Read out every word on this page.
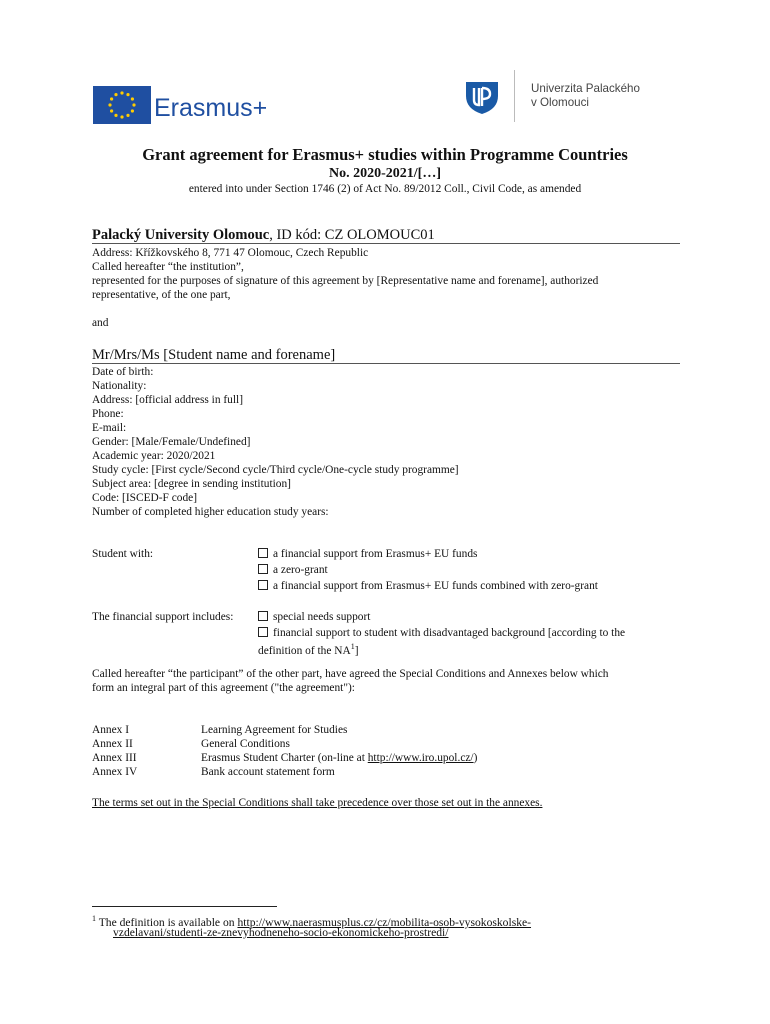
Erasmus+
Univerzita Palackého
v Olomouci
Grant agreement for Erasmus+ studies within Programme Countries
No. 2020-2021/[…]
entered into under Section 1746 (2) of Act No. 89/2012 Coll., Civil Code, as amended
Palacký University Olomouc, ID kód: CZ OLOMOUC01
Address: Křížkovského 8, 771 47 Olomouc, Czech Republic
Called hereafter “the institution”,
represented for the purposes of signature of this agreement by [Representative name and forename], authorized
representative, of the one part,
and
Mr/Mrs/Ms [Student name and forename]
Date of birth:
Nationality:
Address: [official address in full]
Phone:
E-mail:
Gender: [Male/Female/Undefined]
Academic year: 2020/2021
Study cycle: [First cycle/Second cycle/Third cycle/One-cycle study programme]
Subject area: [degree in sending institution]
Code: [ISCED-F code]
Number of completed higher education study years:
Student with:	a financial support from Erasmus+ EU funds
a zero-grant
a financial support from Erasmus+ EU funds combined with zero-grant
The financial support includes:	special needs support
financial support to student with disadvantaged background [according to the
definition of the $NA^1$]
Called hereafter “the participant” of the other part, have agreed the Special Conditions and Annexes below which
form an integral part of this agreement ("the agreement"):
Annex I	Learning Agreement for Studies
Annex II	General Conditions
Annex III	Erasmus Student Charter (on-line at http://www.iro.upol.cz/)
Annex IV	Bank account statement form
The terms set out in the Special Conditions shall take precedence over those set out in the annexes.
$^1$ The definition is available on http://www.naerasmusplus.cz/cz/mobilita-osob-vysokoskolske-
vzdelavani/studenti-ze-znevyhodneneho-socio-ekonomickeho-prostredi/
